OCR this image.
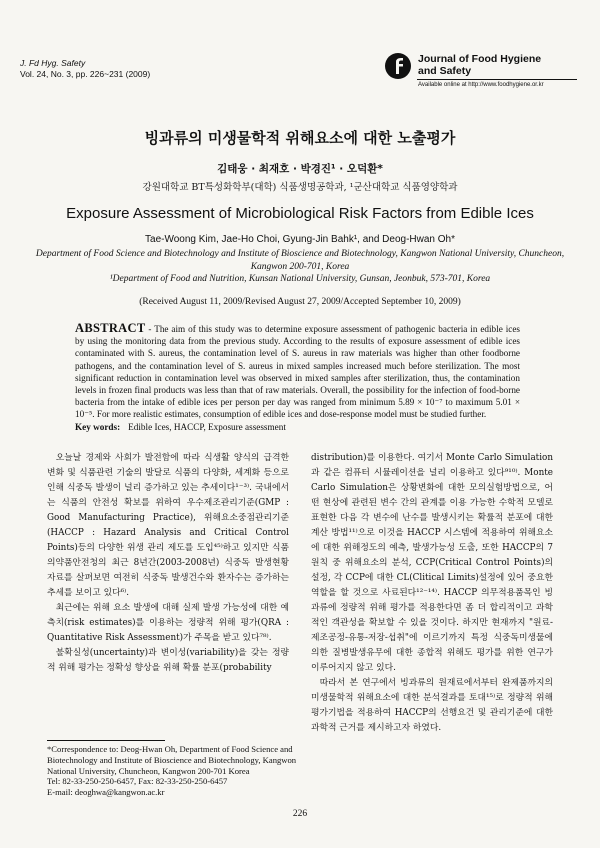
J. Fd Hyg. Safety
Vol. 24, No. 3, pp. 226~231 (2009)
Journal of Food Hygiene
and Safety
Available online at http://www.foodhygiene.or.kr
빙과류의 미생물학적 위해요소에 대한 노출평가
김태웅 · 최재호 · 박경진¹ · 오덕환*
강원대학교 BT특성화학부(대학) 식품생명공학과, ¹군산대학교 식품영양학과
Exposure Assessment of Microbiological Risk Factors from Edible Ices
Tae-Woong Kim, Jae-Ho Choi, Gyung-Jin Bahk¹, and Deog-Hwan Oh*
Department of Food Science and Biotechnology and Institute of Bioscience and Biotechnology, Kangwon National University, Chuncheon, Kangwon 200-701, Korea
¹Department of Food and Nutrition, Kunsan National University, Gunsan, Jeonbuk, 573-701, Korea
(Received August 11, 2009/Revised August 27, 2009/Accepted September 10, 2009)
ABSTRACT - The aim of this study was to determine exposure assessment of pathogenic bacteria in edible ices by using the monitoring data from the previous study. According to the results of exposure assessment of edible ices contaminated with S. aureus, the contamination level of S. aureus in raw materials was higher than other foodborne pathogens, and the contamination level of S. aureus in mixed samples increased much before sterilization. The most significant reduction in contamination level was observed in mixed samples after sterilization, thus, the contamination levels in frozen final products was less than that of raw materials. Overall, the possibility for the infection of food-borne bacteria from the intake of edible ices per person per day was ranged from minimum 5.89 × 10⁻⁷ to maximum 5.01 × 10⁻⁵. For more realistic estimates, consumption of edible ices and dose-response model must be studied further.
Key words: Edible Ices, HACCP, Exposure assessment

오늘날 경제와 사회가 발전함에 따라 식생활 양식의 급격한 변화 및 식품관련 기술의 발달로 식품의 다양화, 세계화 등으로 인해 식중독 발생이 널리 증가하고 있는 추세이다¹⁻³⁾. 국내에서는 식품의 안전성 확보를 위하여 우수제조관리기준(GMP : Good Manufacturing Practice), 위해요소중점관리기준(HACCP : Hazard Analysis and Critical Control Points)등의 다양한 위생 관리 제도를 도입⁴⁵⁾하고 있지만 식품의약품안전청의 최근 8년간(2003-2008년) 식중독 발생현황 자료를 살펴보면 여전히 식중독 발생건수와 환자수는 증가하는 추세를 보이고 있다⁶⁾.

최근에는 위해 요소 발생에 대해 실제 발생 가능성에 대한 예측치(risk estimates)를 이용하는 정량적 위해 평가(QRA : Quantitative Risk Assessment)가 주목을 받고 있다⁷⁸⁾.

불확실성(uncertainty)과 변이성(variability)을 갖는 정량적 위해 평가는 정확성 향상을 위해 확률 분포(probability

distribution)를 이용한다. 여기서 Monte Carlo Simulation과 같은 컴퓨터 시뮬레이션을 널리 이용하고 있다⁹¹⁰⁾. Monte Carlo Simulation은 상황변화에 대한 모의실험방법으로, 어떤 현상에 관련된 변수 간의 관계를 이용 가능한 수학적 모델로 표현한 다음 각 변수에 난수를 발생시키는 확률적 분포에 대한 계산 방법¹¹⁾으로 이것을 HACCP 시스템에 적용하여 위해요소에 대한 위해정도의 예측, 발생가능성 도출, 또한 HACCP의 7원칙 중 위해요소의 분석, CCP(Critical Control Points)의 설정, 각 CCP에 대한 CL(Clitical Limits)설정에 있어 중요한 역할을 할 것으로 사료된다¹²⁻¹⁴⁾. HACCP 의무적용품목인 빙과류에 정량적 위해 평가를 적용한다면 좀 더 합리적이고 과학적인 객관성을 확보할 수 있을 것이다. 하지만 현재까지 "원료-제조공정-유통-저장-섭취"에 이르기까지 특정 식중독미생물에 의한 질병발생유무에 대한 종합적 위해도 평가를 위한 연구가 이루어지지 않고 있다.

따라서 본 연구에서 빙과류의 원재료에서부터 완제품까지의 미생물학적 위해요소에 대한 분석결과를 토대¹⁵⁾로 정량적 위해 평가기법을 적용하여 HACCP의 선행요건 및 관리기준에 대한 과학적 근거를 제시하고자 하였다.

*Correspondence to: Deog-Hwan Oh, Department of Food Science and Biotechnology and Institute of Bioscience and Biotechnology, Kangwon National University, Chuncheon, Kangwon 200-701 Korea
Tel: 82-33-250-250-6457, Fax: 82-33-250-250-6457
E-mail: deoghwa@kangwon.ac.kr
226
